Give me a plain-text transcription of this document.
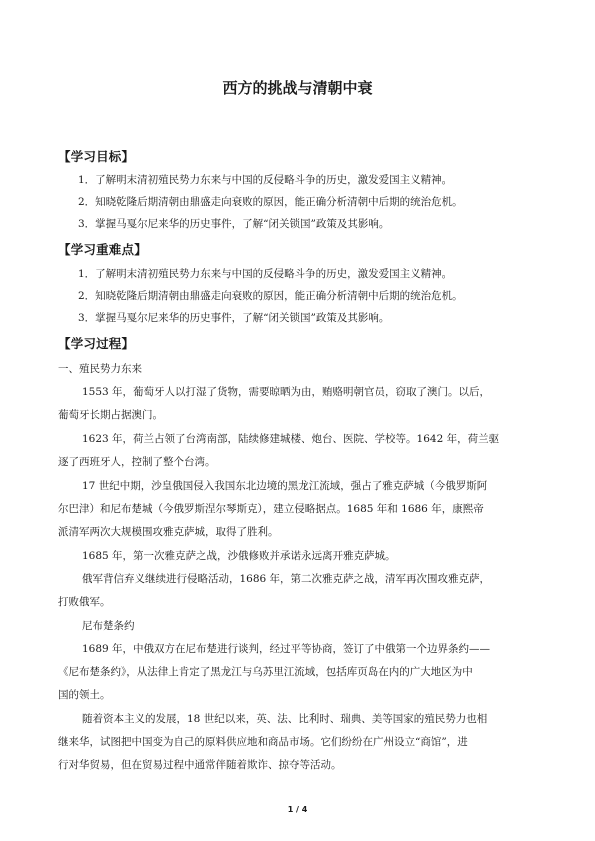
西方的挑战与清朝中衰
【学习目标】
1．了解明末清初殖民势力东来与中国的反侵略斗争的历史，激发爱国主义精神。
2．知晓乾隆后期清朝由鼎盛走向衰败的原因，能正确分析清朝中后期的统治危机。
3．掌握马戛尔尼来华的历史事件，了解“闭关锁国”政策及其影响。
【学习重难点】
1．了解明末清初殖民势力东来与中国的反侵略斗争的历史，激发爱国主义精神。
2．知晓乾隆后期清朝由鼎盛走向衰败的原因，能正确分析清朝中后期的统治危机。
3．掌握马戛尔尼来华的历史事件，了解“闭关锁国”政策及其影响。
【学习过程】
一、殖民势力东来
1553 年，葡萄牙人以打湿了货物，需要晾晒为由，贿赂明朝官员，窃取了澳门。以后，
葡萄牙长期占据澳门。
1623 年，荷兰占领了台湾南部，陆续修建城楼、炮台、医院、学校等。1642 年，荷兰驱
逐了西班牙人，控制了整个台湾。
17 世纪中期，沙皇俄国侵入我国东北边境的黑龙江流域，强占了雅克萨城（今俄罗斯阿
尔巴津）和尼布楚城（今俄罗斯涅尔琴斯克），建立侵略据点。1685 年和 1686 年，康熙帝
派清军两次大规模围攻雅克萨城，取得了胜利。
1685 年，第一次雅克萨之战，沙俄修败并承诺永远离开雅克萨城。
俄军背信弃义继续进行侵略活动，1686 年，第二次雅克萨之战，清军再次围攻雅克萨，
打败俄军。
尼布楚条约
1689 年，中俄双方在尼布楚进行谈判，经过平等协商，签订了中俄第一个边界条约——
《尼布楚条约》，从法律上肯定了黑龙江与乌苏里江流域，包括库页岛在内的广大地区为中
国的领土。
随着资本主义的发展，18 世纪以来，英、法、比利时、瑞典、美等国家的殖民势力也相
继来华，试图把中国变为自己的原料供应地和商品市场。它们纷纷在广州设立“商馆”，进
行对华贸易，但在贸易过程中通常伴随着欺诈、掠夺等活动。
1 / 4
